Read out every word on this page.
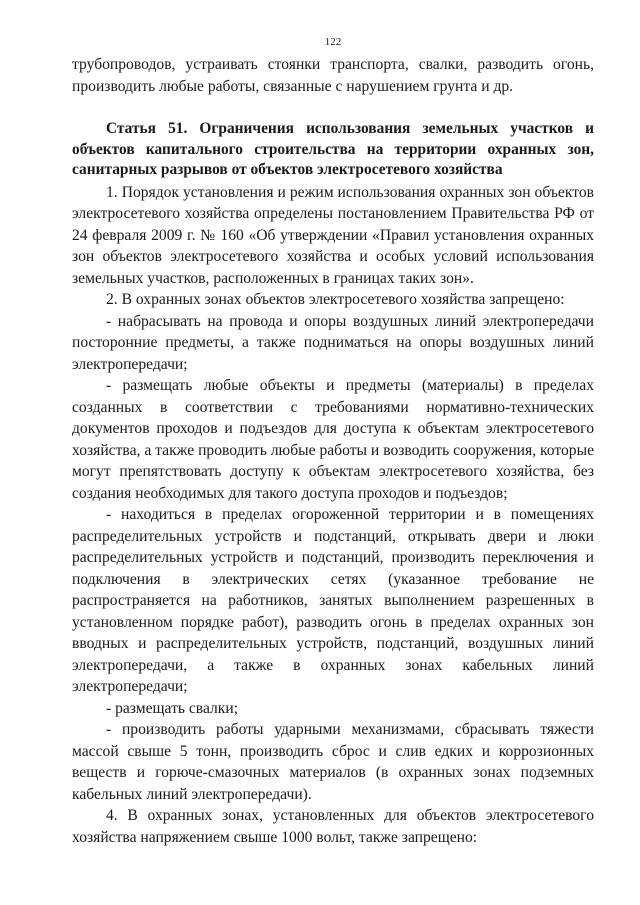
122

трубопроводов, устраивать стоянки транспорта, свалки, разводить огонь, производить любые работы, связанные с нарушением грунта и др.

Статья 51. Ограничения использования земельных участков и объектов капитального строительства на территории охранных зон, санитарных разрывов от объектов электросетевого хозяйства

1. Порядок установления и режим использования охранных зон объектов электросетевого хозяйства определены постановлением Правительства РФ от 24 февраля 2009 г. № 160 «Об утверждении «Правил установления охранных зон объектов электросетевого хозяйства и особых условий использования земельных участков, расположенных в границах таких зон».

2. В охранных зонах объектов электросетевого хозяйства запрещено:

- набрасывать на провода и опоры воздушных линий электропередачи посторонние предметы, а также подниматься на опоры воздушных линий электропередачи;

- размещать любые объекты и предметы (материалы) в пределах созданных в соответствии с требованиями нормативно-технических документов проходов и подъездов для доступа к объектам электросетевого хозяйства, а также проводить любые работы и возводить сооружения, которые могут препятствовать доступу к объектам электросетевого хозяйства, без создания необходимых для такого доступа проходов и подъездов;

- находиться в пределах огороженной территории и в помещениях распределительных устройств и подстанций, открывать двери и люки распределительных устройств и подстанций, производить переключения и подключения в электрических сетях (указанное требование не распространяется на работников, занятых выполнением разрешенных в установленном порядке работ), разводить огонь в пределах охранных зон вводных и распределительных устройств, подстанций, воздушных линий электропередачи, а также в охранных зонах кабельных линий электропередачи;

- размещать свалки;

- производить работы ударными механизмами, сбрасывать тяжести массой свыше 5 тонн, производить сброс и слив едких и коррозионных веществ и горюче-смазочных материалов (в охранных зонах подземных кабельных линий электропередачи).

4. В охранных зонах, установленных для объектов электросетевого хозяйства напряжением свыше 1000 вольт, также запрещено:
